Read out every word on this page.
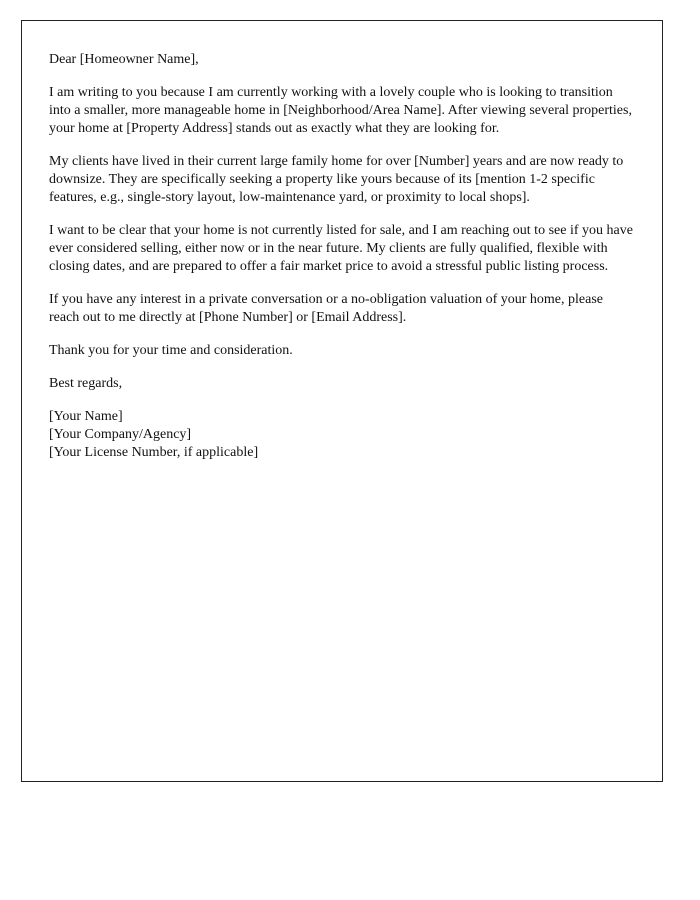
Dear [Homeowner Name],

I am writing to you because I am currently working with a lovely couple who is looking to transition into a smaller, more manageable home in [Neighborhood/Area Name]. After viewing several properties, your home at [Property Address] stands out as exactly what they are looking for.

My clients have lived in their current large family home for over [Number] years and are now ready to downsize. They are specifically seeking a property like yours because of its [mention 1-2 specific features, e.g., single-story layout, low-maintenance yard, or proximity to local shops].

I want to be clear that your home is not currently listed for sale, and I am reaching out to see if you have ever considered selling, either now or in the near future. My clients are fully qualified, flexible with closing dates, and are prepared to offer a fair market price to avoid a stressful public listing process.

If you have any interest in a private conversation or a no-obligation valuation of your home, please reach out to me directly at [Phone Number] or [Email Address].

Thank you for your time and consideration.

Best regards,

[Your Name]

[Your Company/Agency]

[Your License Number, if applicable]
